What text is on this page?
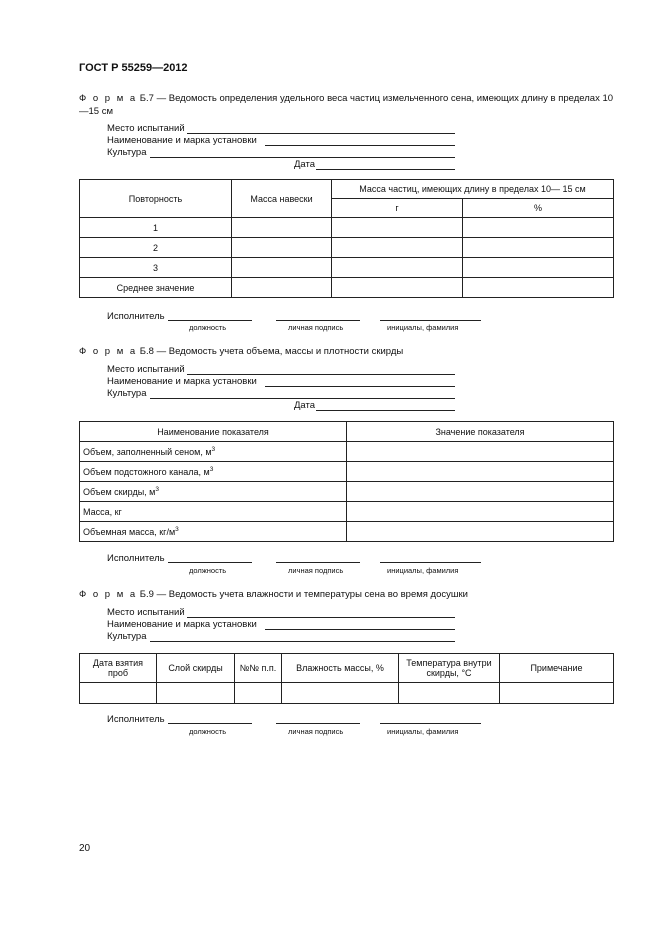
ГОСТ Р 55259—2012
Ф о р м а Б.7 — Ведомость определения удельного веса частиц измельченного сена, имеющих длину в пределах 10—15 см
Место испытаний
Наименование и марка установки
Культура
Дата
Повторность	Масса навески	Масса частиц, имеющих длину в пределах 10— 15 см	
		г	%
1			
2			
3			
Среднее значение			
Исполнитель
должность	личная подпись	инициалы, фамилия
Ф о р м а Б.8 — Ведомость учета объема, массы и плотности скирды
Место испытаний
Наименование и марка установки
Культура
Дата
Наименование показателя	Значение показателя
Объем, заполненный сеном, $м^3$	
Объем подстожного канала, $м^3$	
Объем скирды, $м^3$	
Масса, кг	
Объемная масса, $кг/м^3$	
Исполнитель
должность	личная подпись	инициалы, фамилия
Ф о р м а Б.9 — Ведомость учета влажности и температуры сена во время досушки
Место испытаний
Наименование и марка установки
Культура
Дата взятия проб	Слой скирды	№№ п.п.	Влажность массы, %	Температура внутри скирды, °С	Примечание

Исполнитель
должность	личная подпись	инициалы, фамилия
20
